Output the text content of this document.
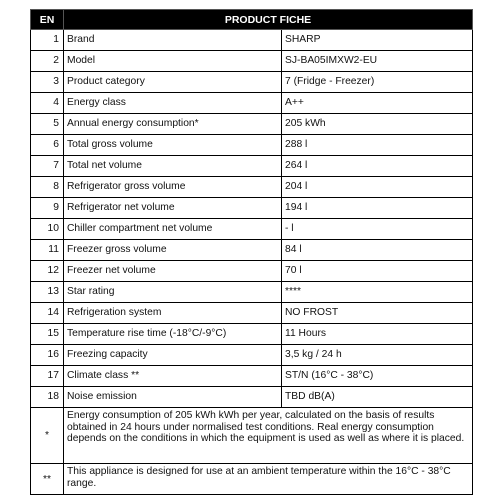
EN	PRODUCT FICHE	
1	Brand	SHARP
2	Model	SJ-BA05IMXW2-EU
3	Product category	7 (Fridge - Freezer)
4	Energy class	A++
5	Annual energy consumption*	205 kWh
6	Total gross volume	288 l
7	Total net volume	264 l
8	Refrigerator gross volume	204 l
9	Refrigerator net volume	194 l
10	Chiller compartment net volume	- l
11	Freezer gross volume	84 l
12	Freezer net volume	70 l
13	Star rating	****
14	Refrigeration system	NO FROST
15	Temperature rise time (-18°C/-9°C)	11 Hours
16	Freezing capacity	3,5 kg / 24 h
17	Climate class **	ST/N (16°C - 38°C)
18	Noise emission	TBD dB(A)
*	Energy consumption of 205 kWh kWh per year, calculated on the basis of results obtained in 24 hours under normalised test conditions. Real energy consumption depends on the conditions in which the equipment is used as well as where it is placed.	
**	This appliance is designed for use at an ambient temperature within the 16°C - 38°C range.	
